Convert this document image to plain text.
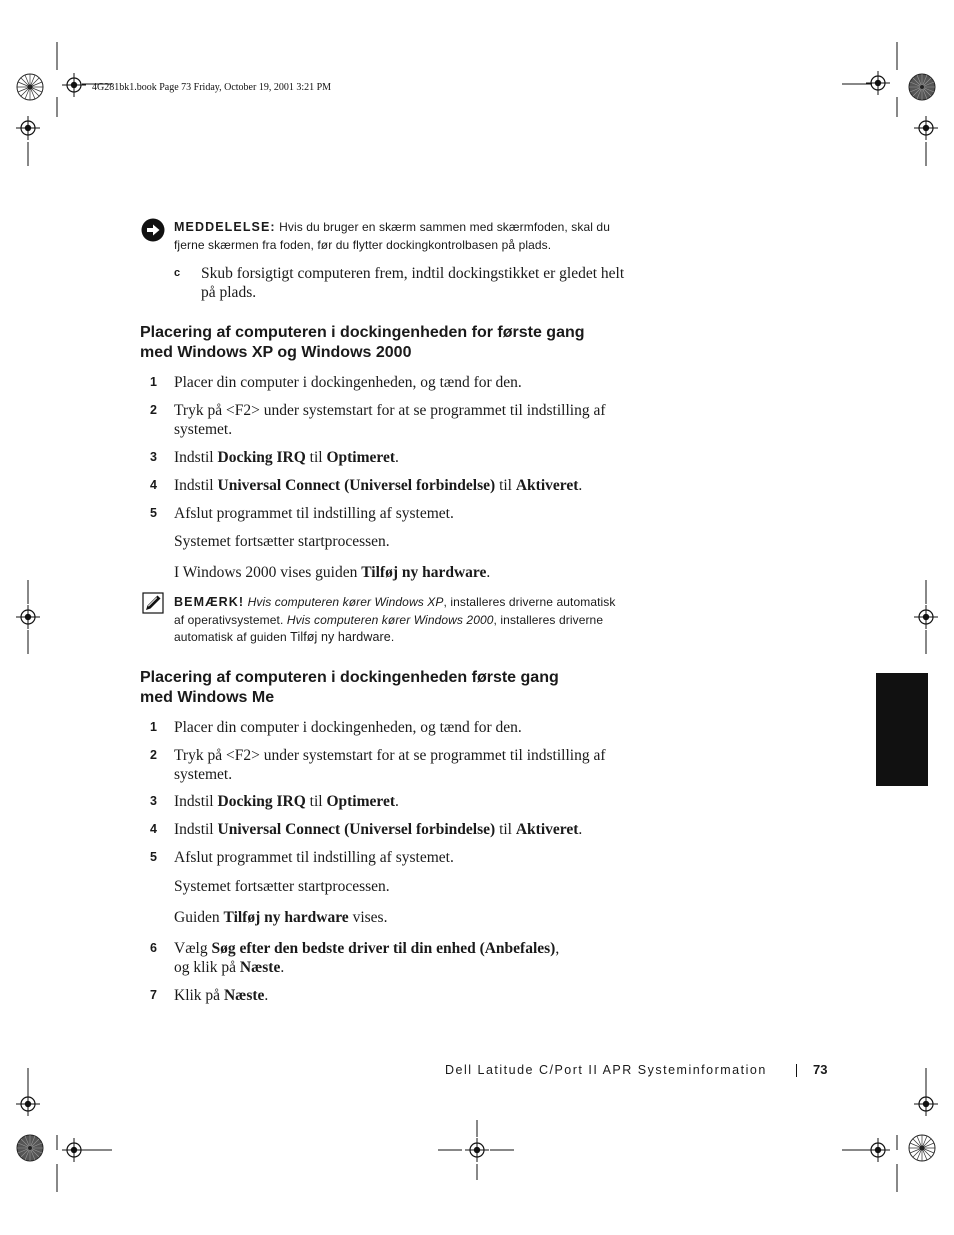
4G281bk1.book Page 73 Friday, October 19, 2001 3:21 PM
MEDDELELSE: Hvis du bruger en skærm sammen med skærmfoden, skal du fjerne skærmen fra foden, før du flytter dockingkontrolbasen på plads.
c Skub forsigtigt computeren frem, indtil dockingstikket er gledet helt på plads.
Placering af computeren i dockingenheden for første gang
med Windows XP og Windows 2000
1 Placer din computer i dockingenheden, og tænd for den.
2 Tryk på <F2> under systemstart for at se programmet til indstilling af systemet.
3 Indstil Docking IRQ til Optimeret.
4 Indstil Universal Connect (Universel forbindelse) til Aktiveret.
5 Afslut programmet til indstilling af systemet.
Systemet fortsætter startprocessen.
I Windows 2000 vises guiden Tilføj ny hardware.
BEMÆRK! Hvis computeren kører Windows XP, installeres driverne automatisk af operativsystemet. Hvis computeren kører Windows 2000, installeres driverne automatisk af guiden Tilføj ny hardware.
Placering af computeren i dockingenheden første gang
med Windows Me
1 Placer din computer i dockingenheden, og tænd for den.
2 Tryk på <F2> under systemstart for at se programmet til indstilling af systemet.
3 Indstil Docking IRQ til Optimeret.
4 Indstil Universal Connect (Universel forbindelse) til Aktiveret.
5 Afslut programmet til indstilling af systemet.
Systemet fortsætter startprocessen.
Guiden Tilføj ny hardware vises.
6 Vælg Søg efter den bedste driver til din enhed (Anbefales),
og klik på Næste.
7 Klik på Næste.
Dell Latitude C/Port II APR Systeminformation	73
